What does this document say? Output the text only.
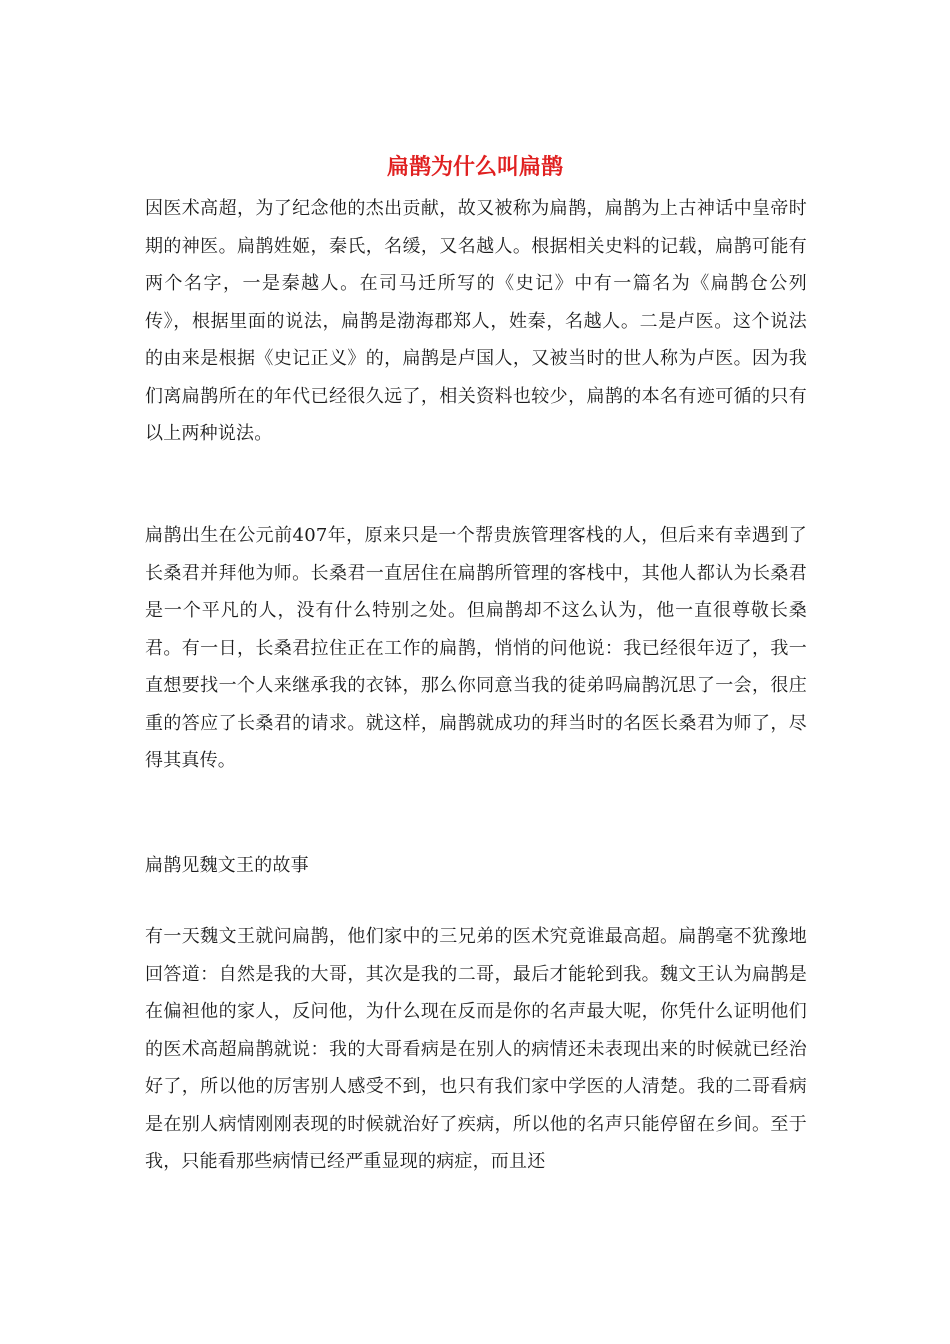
扁鹊为什么叫扁鹊

因医术高超，为了纪念他的杰出贡献，故又被称为扁鹊，扁鹊为上古神话中皇帝时期的神医。扁鹊姓姬，秦氏，名缓，又名越人。根据相关史料的记载，扁鹊可能有两个名字，一是秦越人。在司马迁所写的《史记》中有一篇名为《扁鹊仓公列传》，根据里面的说法，扁鹊是渤海郡郑人，姓秦，名越人。二是卢医。这个说法的由来是根据《史记正义》的，扁鹊是卢国人，又被当时的世人称为卢医。因为我们离扁鹊所在的年代已经很久远了，相关资料也较少，扁鹊的本名有迹可循的只有以上两种说法。

扁鹊出生在公元前407年，原来只是一个帮贵族管理客栈的人，但后来有幸遇到了长桑君并拜他为师。长桑君一直居住在扁鹊所管理的客栈中，其他人都认为长桑君是一个平凡的人，没有什么特别之处。但扁鹊却不这么认为，他一直很尊敬长桑君。有一日，长桑君拉住正在工作的扁鹊，悄悄的问他说：我已经很年迈了，我一直想要找一个人来继承我的衣钵，那么你同意当我的徒弟吗扁鹊沉思了一会，很庄重的答应了长桑君的请求。就这样，扁鹊就成功的拜当时的名医长桑君为师了，尽得其真传。

扁鹊见魏文王的故事

有一天魏文王就问扁鹊，他们家中的三兄弟的医术究竟谁最高超。扁鹊毫不犹豫地回答道：自然是我的大哥，其次是我的二哥，最后才能轮到我。魏文王认为扁鹊是在偏袒他的家人，反问他，为什么现在反而是你的名声最大呢，你凭什么证明他们的医术高超扁鹊就说：我的大哥看病是在别人的病情还未表现出来的时候就已经治好了，所以他的厉害别人感受不到，也只有我们家中学医的人清楚。我的二哥看病是在别人病情刚刚表现的时候就治好了疾病，所以他的名声只能停留在乡间。至于我，只能看那些病情已经严重显现的病症，而且还
